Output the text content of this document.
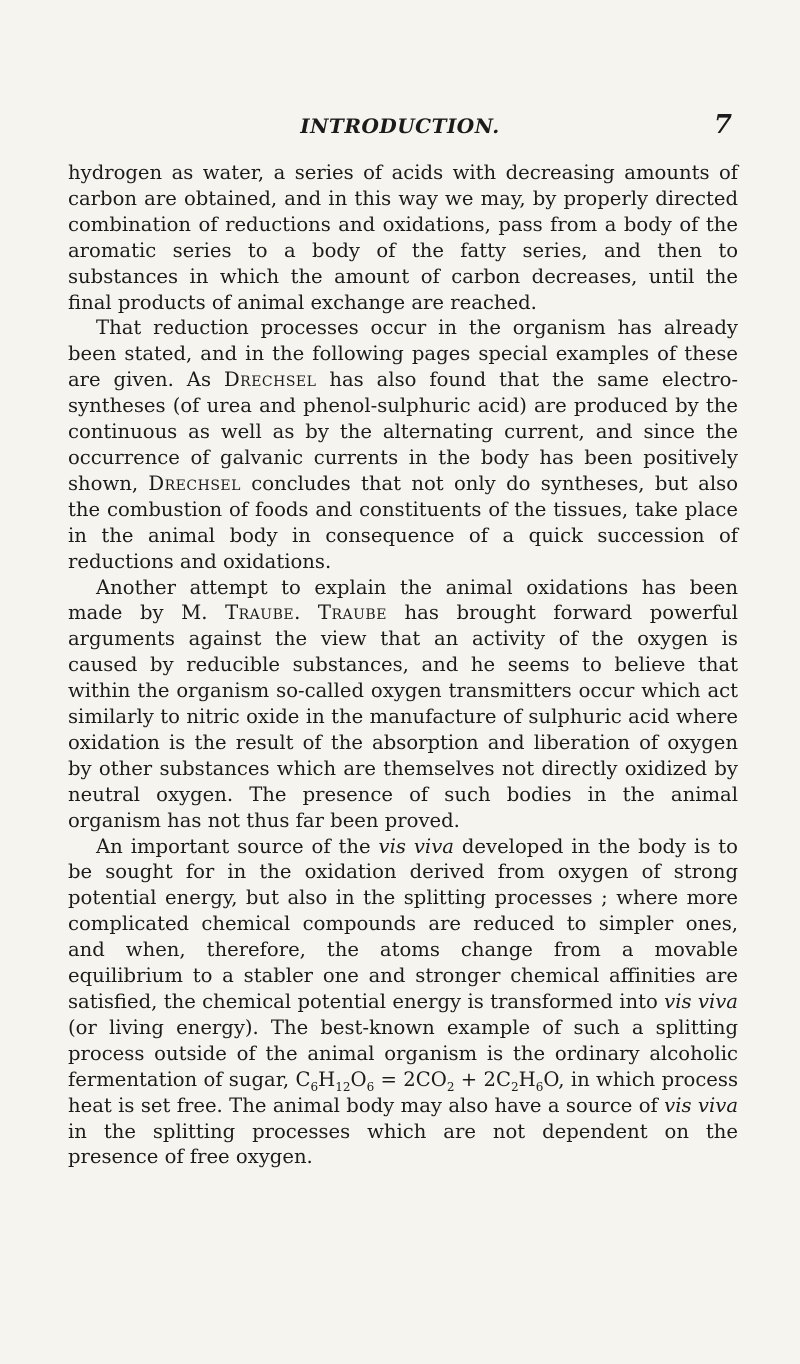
INTRODUCTION.	7

hydrogen as water, a series of acids with decreasing amounts of carbon are obtained, and in this way we may, by properly directed combination of reductions and oxidations, pass from a body of the aromatic series to a body of the fatty series, and then to substances in which the amount of carbon decreases, until the final products of animal exchange are reached.

That reduction processes occur in the organism has already been stated, and in the following pages special examples of these are given. As Drechsel has also found that the same electro-syntheses (of urea and phenol-sulphuric acid) are produced by the continuous as well as by the alternating current, and since the occurrence of galvanic currents in the body has been positively shown, Drechsel concludes that not only do syntheses, but also the combustion of foods and constituents of the tissues, take place in the animal body in consequence of a quick succession of reductions and oxidations.

Another attempt to explain the animal oxidations has been made by M. Traube. Traube has brought forward powerful arguments against the view that an activity of the oxygen is caused by reducible substances, and he seems to believe that within the organism so-called oxygen transmitters occur which act similarly to nitric oxide in the manufacture of sulphuric acid where oxidation is the result of the absorption and liberation of oxygen by other substances which are themselves not directly oxidized by neutral oxygen. The presence of such bodies in the animal organism has not thus far been proved.

An important source of the vis viva developed in the body is to be sought for in the oxidation derived from oxygen of strong potential energy, but also in the splitting processes ; where more complicated chemical compounds are reduced to simpler ones, and when, therefore, the atoms change from a movable equilibrium to a stabler one and stronger chemical affinities are satisfied, the chemical potential energy is transformed into vis viva (or living energy). The best-known example of such a splitting process outside of the animal organism is the ordinary alcoholic fermentation of sugar, $C_6H_{12}O_6 = 2CO_2 + 2C_2H_6O$, in which process heat is set free. The animal body may also have a source of vis viva in the splitting processes which are not dependent on the presence of free oxygen.
